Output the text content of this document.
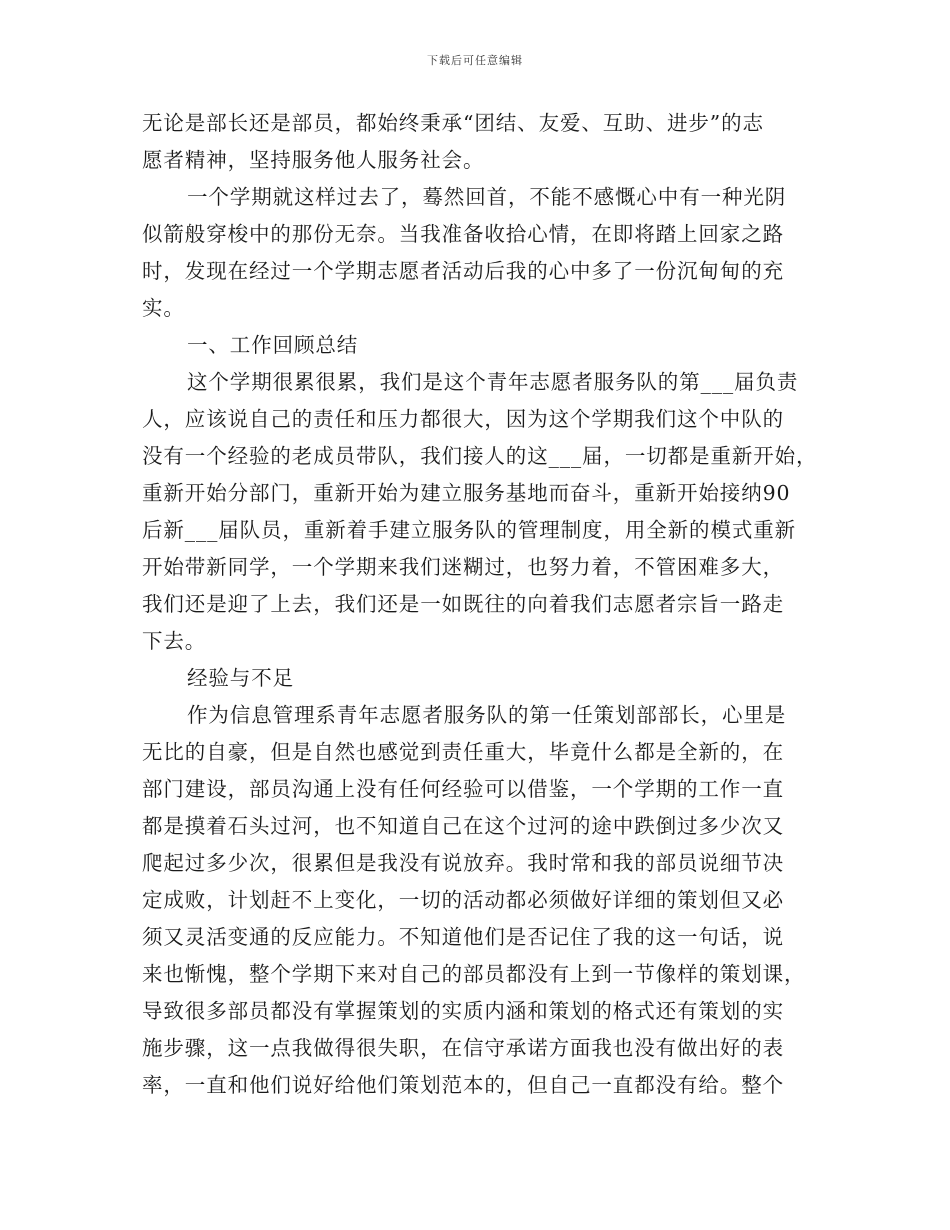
下载后可任意编辑
无论是部长还是部员，都始终秉承“团结、友爱、互助、进步”的志
愿者精神，坚持服务他人服务社会。
一个学期就这样过去了，蓦然回首，不能不感慨心中有一种光阴
似箭般穿梭中的那份无奈。当我准备收拾心情，在即将踏上回家之路
时，发现在经过一个学期志愿者活动后我的心中多了一份沉甸甸的充
实。
一、工作回顾总结
这个学期很累很累，我们是这个青年志愿者服务队的第___届负责
人，应该说自己的责任和压力都很大，因为这个学期我们这个中队的
没有一个经验的老成员带队，我们接人的这___届，一切都是重新开始，
重新开始分部门，重新开始为建立服务基地而奋斗，重新开始接纳90
后新___届队员，重新着手建立服务队的管理制度，用全新的模式重新
开始带新同学，一个学期来我们迷糊过，也努力着，不管困难多大，
我们还是迎了上去，我们还是一如既往的向着我们志愿者宗旨一路走
下去。
经验与不足
作为信息管理系青年志愿者服务队的第一任策划部部长，心里是
无比的自豪，但是自然也感觉到责任重大，毕竟什么都是全新的，在
部门建设，部员沟通上没有任何经验可以借鉴，一个学期的工作一直
都是摸着石头过河，也不知道自己在这个过河的途中跌倒过多少次又
爬起过多少次，很累但是我没有说放弃。我时常和我的部员说细节决
定成败，计划赶不上变化，一切的活动都必须做好详细的策划但又必
须又灵活变通的反应能力。不知道他们是否记住了我的这一句话，说
来也惭愧，整个学期下来对自己的部员都没有上到一节像样的策划课，
导致很多部员都没有掌握策划的实质内涵和策划的格式还有策划的实
施步骤，这一点我做得很失职，在信守承诺方面我也没有做出好的表
率，一直和他们说好给他们策划范本的，但自己一直都没有给。整个
